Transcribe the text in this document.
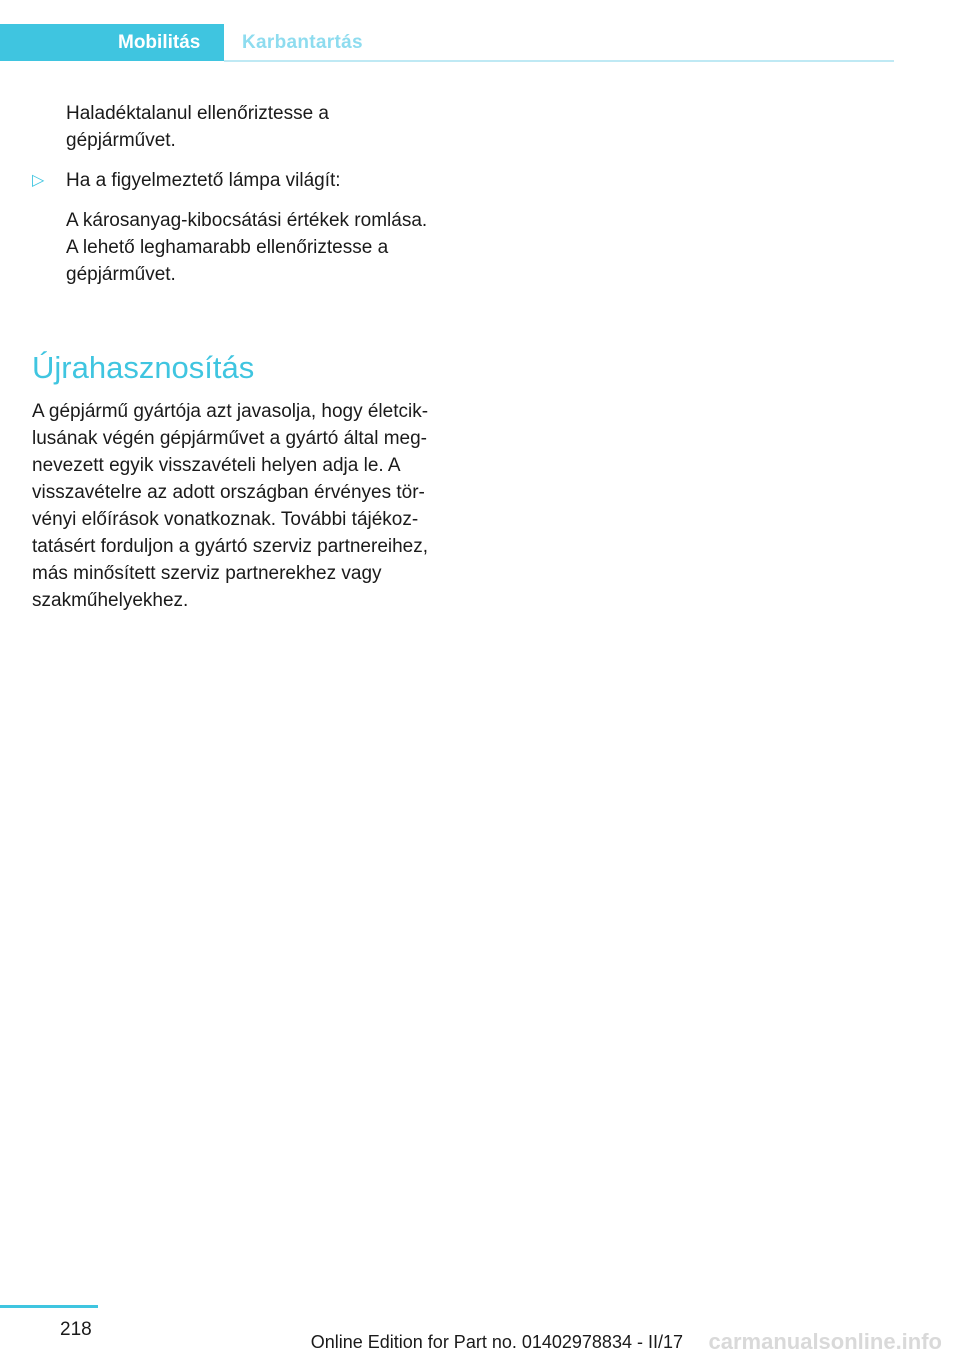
Mobilitás	Karbantartás

Haladéktalanul ellenőriztesse a
gépjárművet.

▷ Ha a figyelmeztető lámpa világít:

A károsanyag-kibocsátási értékek romlása.
A lehető leghamarabb ellenőriztesse a
gépjárművet.

Újrahasznosítás

A gépjármű gyártója azt javasolja, hogy életcik-
lusának végén gépjárművet a gyártó által meg-
nevezett egyik visszavételi helyen adja le. A
visszavételre az adott országban érvényes tör-
vényi előírások vonatkoznak. További tájékoz-
tatásért forduljon a gyártó szerviz partnereihez,
más minősített szerviz partnerekhez vagy
szakműhelyekhez.

218
Online Edition for Part no. 01402978834 - II/17 carmanualsonline.info
